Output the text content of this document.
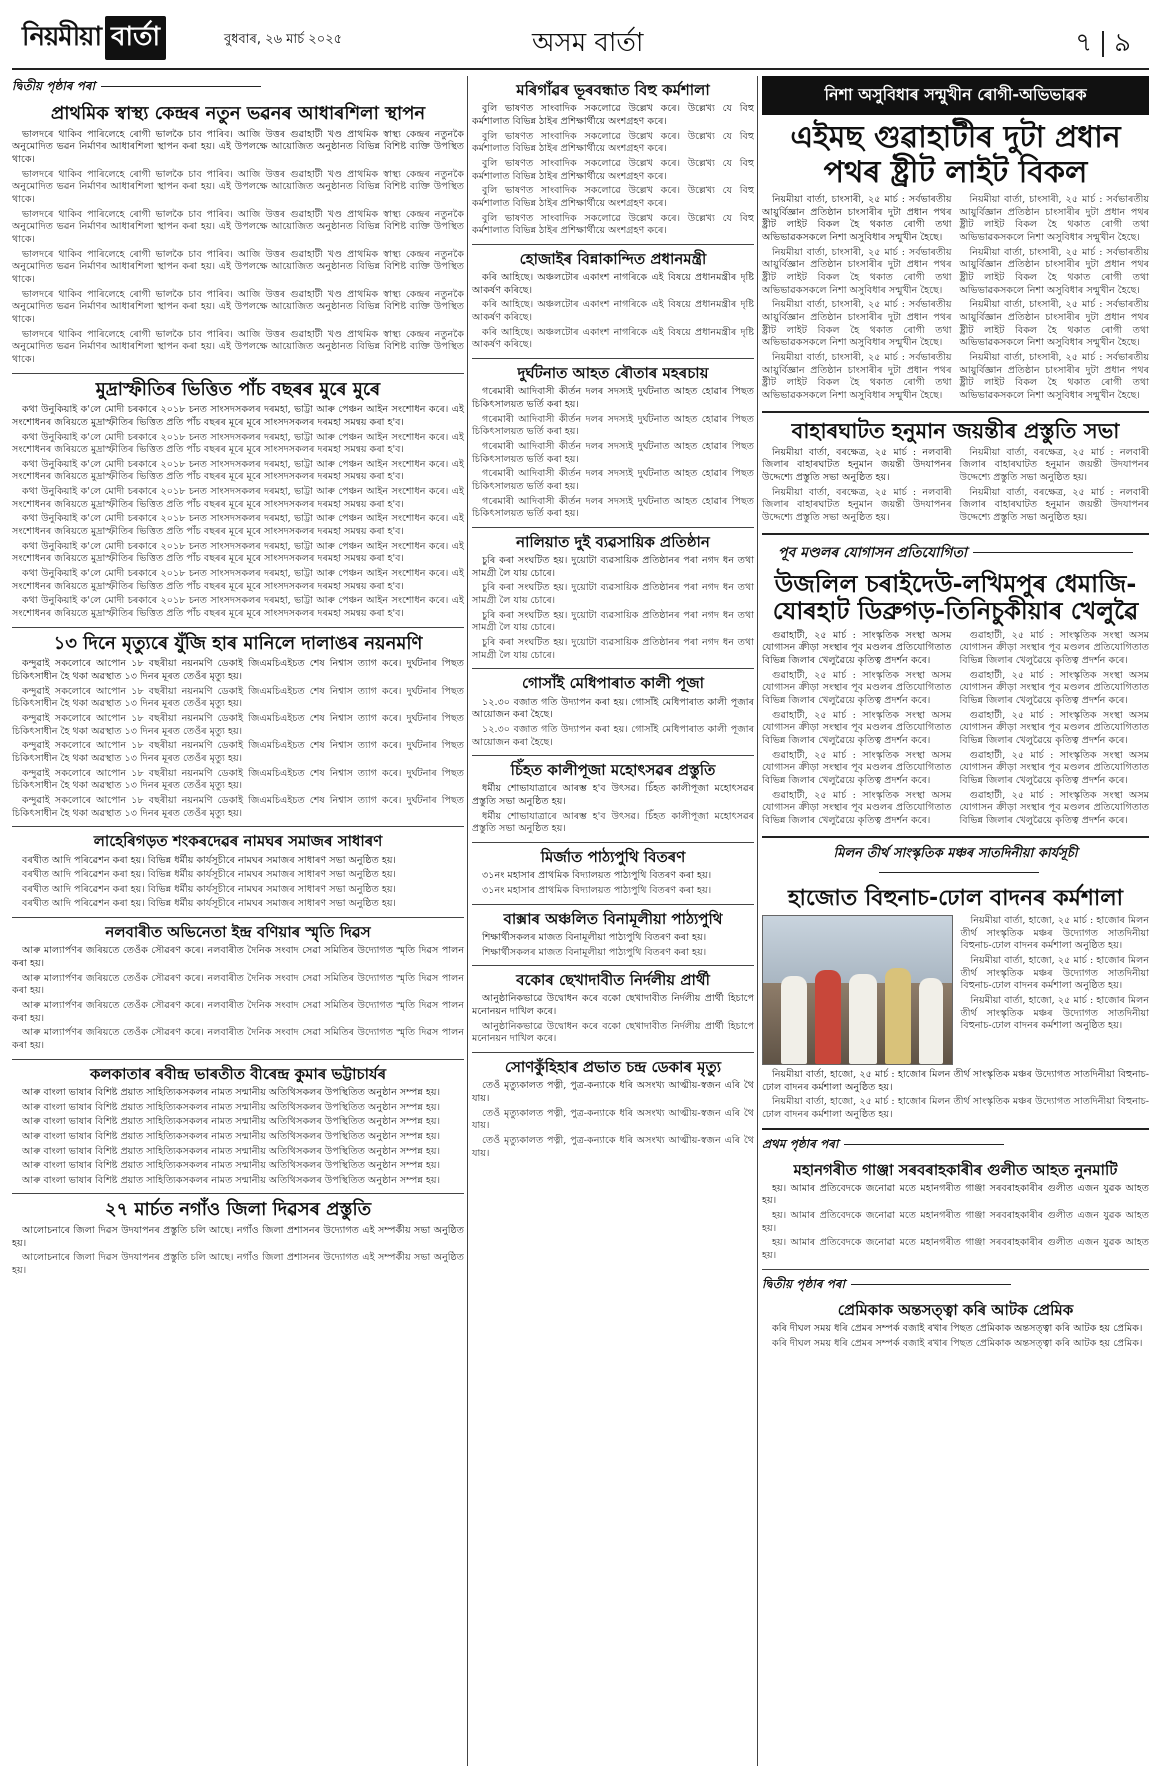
নিয়মীয়া বার্তা	বুধবাৰ, ২৬ মাৰ্চ ২০২৫	অসম বাৰ্তা	৭ ৯
দ্বিতীয় পৃষ্ঠাৰ পৰা
প্ৰাথমিক স্বাস্থ্য কেন্দ্ৰৰ নতুন ভৱনৰ আধাৰশিলা স্থাপন

ভালদৰে থাকিব পাৰিলেহে ৰোগী ভালকৈ চাব পাৰিব। আজি উত্তৰ গুৱাহাটী খণ্ড প্ৰাথমিক স্বাস্থ্য কেন্দ্ৰৰ নতুনকৈ অনুমোদিত ভৱন নিৰ্মাণৰ আধাৰশিলা স্থাপন কৰা হয়। এই উপলক্ষে আয়োজিত অনুষ্ঠানত বিভিন্ন বিশিষ্ট ব্যক্তি উপস্থিত থাকে।

ভালদৰে থাকিব পাৰিলেহে ৰোগী ভালকৈ চাব পাৰিব। আজি উত্তৰ গুৱাহাটী খণ্ড প্ৰাথমিক স্বাস্থ্য কেন্দ্ৰৰ নতুনকৈ অনুমোদিত ভৱন নিৰ্মাণৰ আধাৰশিলা স্থাপন কৰা হয়। এই উপলক্ষে আয়োজিত অনুষ্ঠানত বিভিন্ন বিশিষ্ট ব্যক্তি উপস্থিত থাকে।

ভালদৰে থাকিব পাৰিলেহে ৰোগী ভালকৈ চাব পাৰিব। আজি উত্তৰ গুৱাহাটী খণ্ড প্ৰাথমিক স্বাস্থ্য কেন্দ্ৰৰ নতুনকৈ অনুমোদিত ভৱন নিৰ্মাণৰ আধাৰশিলা স্থাপন কৰা হয়। এই উপলক্ষে আয়োজিত অনুষ্ঠানত বিভিন্ন বিশিষ্ট ব্যক্তি উপস্থিত থাকে।

ভালদৰে থাকিব পাৰিলেহে ৰোগী ভালকৈ চাব পাৰিব। আজি উত্তৰ গুৱাহাটী খণ্ড প্ৰাথমিক স্বাস্থ্য কেন্দ্ৰৰ নতুনকৈ অনুমোদিত ভৱন নিৰ্মাণৰ আধাৰশিলা স্থাপন কৰা হয়। এই উপলক্ষে আয়োজিত অনুষ্ঠানত বিভিন্ন বিশিষ্ট ব্যক্তি উপস্থিত থাকে।

ভালদৰে থাকিব পাৰিলেহে ৰোগী ভালকৈ চাব পাৰিব। আজি উত্তৰ গুৱাহাটী খণ্ড প্ৰাথমিক স্বাস্থ্য কেন্দ্ৰৰ নতুনকৈ অনুমোদিত ভৱন নিৰ্মাণৰ আধাৰশিলা স্থাপন কৰা হয়। এই উপলক্ষে আয়োজিত অনুষ্ঠানত বিভিন্ন বিশিষ্ট ব্যক্তি উপস্থিত থাকে।

ভালদৰে থাকিব পাৰিলেহে ৰোগী ভালকৈ চাব পাৰিব। আজি উত্তৰ গুৱাহাটী খণ্ড প্ৰাথমিক স্বাস্থ্য কেন্দ্ৰৰ নতুনকৈ অনুমোদিত ভৱন নিৰ্মাণৰ আধাৰশিলা স্থাপন কৰা হয়। এই উপলক্ষে আয়োজিত অনুষ্ঠানত বিভিন্ন বিশিষ্ট ব্যক্তি উপস্থিত থাকে।

মুদ্ৰাস্ফীতিৰ ভিত্তিত পাঁচ বছৰৰ মুৰে মুৰে

কথা উনুকিয়াই ক'লে মোদী চৰকাৰে ২০১৮ চনত সাংসদসকলৰ দৰমহা, ভাট্টা আৰু পেঞ্চন আইন সংশোধন কৰে। এই সংশোধনৰ জৰিয়তে মুদ্ৰাস্ফীতিৰ ভিত্তিত প্ৰতি পাঁচ বছৰৰ মূৰে মূৰে সাংসদসকলৰ দৰমহা সমন্বয় কৰা হ'ব।

কথা উনুকিয়াই ক'লে মোদী চৰকাৰে ২০১৮ চনত সাংসদসকলৰ দৰমহা, ভাট্টা আৰু পেঞ্চন আইন সংশোধন কৰে। এই সংশোধনৰ জৰিয়তে মুদ্ৰাস্ফীতিৰ ভিত্তিত প্ৰতি পাঁচ বছৰৰ মূৰে মূৰে সাংসদসকলৰ দৰমহা সমন্বয় কৰা হ'ব।

কথা উনুকিয়াই ক'লে মোদী চৰকাৰে ২০১৮ চনত সাংসদসকলৰ দৰমহা, ভাট্টা আৰু পেঞ্চন আইন সংশোধন কৰে। এই সংশোধনৰ জৰিয়তে মুদ্ৰাস্ফীতিৰ ভিত্তিত প্ৰতি পাঁচ বছৰৰ মূৰে মূৰে সাংসদসকলৰ দৰমহা সমন্বয় কৰা হ'ব।

কথা উনুকিয়াই ক'লে মোদী চৰকাৰে ২০১৮ চনত সাংসদসকলৰ দৰমহা, ভাট্টা আৰু পেঞ্চন আইন সংশোধন কৰে। এই সংশোধনৰ জৰিয়তে মুদ্ৰাস্ফীতিৰ ভিত্তিত প্ৰতি পাঁচ বছৰৰ মূৰে মূৰে সাংসদসকলৰ দৰমহা সমন্বয় কৰা হ'ব।

কথা উনুকিয়াই ক'লে মোদী চৰকাৰে ২০১৮ চনত সাংসদসকলৰ দৰমহা, ভাট্টা আৰু পেঞ্চন আইন সংশোধন কৰে। এই সংশোধনৰ জৰিয়তে মুদ্ৰাস্ফীতিৰ ভিত্তিত প্ৰতি পাঁচ বছৰৰ মূৰে মূৰে সাংসদসকলৰ দৰমহা সমন্বয় কৰা হ'ব।

কথা উনুকিয়াই ক'লে মোদী চৰকাৰে ২০১৮ চনত সাংসদসকলৰ দৰমহা, ভাট্টা আৰু পেঞ্চন আইন সংশোধন কৰে। এই সংশোধনৰ জৰিয়তে মুদ্ৰাস্ফীতিৰ ভিত্তিত প্ৰতি পাঁচ বছৰৰ মূৰে মূৰে সাংসদসকলৰ দৰমহা সমন্বয় কৰা হ'ব।

কথা উনুকিয়াই ক'লে মোদী চৰকাৰে ২০১৮ চনত সাংসদসকলৰ দৰমহা, ভাট্টা আৰু পেঞ্চন আইন সংশোধন কৰে। এই সংশোধনৰ জৰিয়তে মুদ্ৰাস্ফীতিৰ ভিত্তিত প্ৰতি পাঁচ বছৰৰ মূৰে মূৰে সাংসদসকলৰ দৰমহা সমন্বয় কৰা হ'ব।

কথা উনুকিয়াই ক'লে মোদী চৰকাৰে ২০১৮ চনত সাংসদসকলৰ দৰমহা, ভাট্টা আৰু পেঞ্চন আইন সংশোধন কৰে। এই সংশোধনৰ জৰিয়তে মুদ্ৰাস্ফীতিৰ ভিত্তিত প্ৰতি পাঁচ বছৰৰ মূৰে মূৰে সাংসদসকলৰ দৰমহা সমন্বয় কৰা হ'ব।

১৩ দিনে মৃত্যুৰে যুঁজি হাৰ মানিলে দালাঙৰ নয়নমণি

কন্দুৱাই সকলোৰে আপোন ১৮ বছৰীয়া নয়নমণি ডেকাই জিএমচিএইচত শেষ নিশ্বাস ত্যাগ কৰে। দুৰ্ঘটনাৰ পিছত চিকিৎসাধীন হৈ থকা অৱস্থাত ১৩ দিনৰ মূৰত তেওঁৰ মৃত্যু হয়।

কন্দুৱাই সকলোৰে আপোন ১৮ বছৰীয়া নয়নমণি ডেকাই জিএমচিএইচত শেষ নিশ্বাস ত্যাগ কৰে। দুৰ্ঘটনাৰ পিছত চিকিৎসাধীন হৈ থকা অৱস্থাত ১৩ দিনৰ মূৰত তেওঁৰ মৃত্যু হয়।

কন্দুৱাই সকলোৰে আপোন ১৮ বছৰীয়া নয়নমণি ডেকাই জিএমচিএইচত শেষ নিশ্বাস ত্যাগ কৰে। দুৰ্ঘটনাৰ পিছত চিকিৎসাধীন হৈ থকা অৱস্থাত ১৩ দিনৰ মূৰত তেওঁৰ মৃত্যু হয়।

কন্দুৱাই সকলোৰে আপোন ১৮ বছৰীয়া নয়নমণি ডেকাই জিএমচিএইচত শেষ নিশ্বাস ত্যাগ কৰে। দুৰ্ঘটনাৰ পিছত চিকিৎসাধীন হৈ থকা অৱস্থাত ১৩ দিনৰ মূৰত তেওঁৰ মৃত্যু হয়।

কন্দুৱাই সকলোৰে আপোন ১৮ বছৰীয়া নয়নমণি ডেকাই জিএমচিএইচত শেষ নিশ্বাস ত্যাগ কৰে। দুৰ্ঘটনাৰ পিছত চিকিৎসাধীন হৈ থকা অৱস্থাত ১৩ দিনৰ মূৰত তেওঁৰ মৃত্যু হয়।

কন্দুৱাই সকলোৰে আপোন ১৮ বছৰীয়া নয়নমণি ডেকাই জিএমচিএইচত শেষ নিশ্বাস ত্যাগ কৰে। দুৰ্ঘটনাৰ পিছত চিকিৎসাধীন হৈ থকা অৱস্থাত ১৩ দিনৰ মূৰত তেওঁৰ মৃত্যু হয়।

লাহেৰিগড়ত শংকৰদেৱৰ নামঘৰ সমাজৰ সাধাৰণ

বৰখীত আদি পৰিৱেশন কৰা হয়। বিভিন্ন ধৰ্মীয় কাৰ্যসূচীৰে নামঘৰ সমাজৰ সাধাৰণ সভা অনুষ্ঠিত হয়।

বৰখীত আদি পৰিৱেশন কৰা হয়। বিভিন্ন ধৰ্মীয় কাৰ্যসূচীৰে নামঘৰ সমাজৰ সাধাৰণ সভা অনুষ্ঠিত হয়।

বৰখীত আদি পৰিৱেশন কৰা হয়। বিভিন্ন ধৰ্মীয় কাৰ্যসূচীৰে নামঘৰ সমাজৰ সাধাৰণ সভা অনুষ্ঠিত হয়।

বৰখীত আদি পৰিৱেশন কৰা হয়। বিভিন্ন ধৰ্মীয় কাৰ্যসূচীৰে নামঘৰ সমাজৰ সাধাৰণ সভা অনুষ্ঠিত হয়।

নলবাৰীত অভিনেতা ইন্দ্ৰ বণিয়াৰ স্মৃতি দিৱস

আৰু মাল্যাৰ্পণৰ জৰিয়তে তেওঁক সৌৱৰণ কৰে। নলবাৰীত দৈনিক সংবাদ সেৱা সমিতিৰ উদ্যোগত স্মৃতি দিৱস পালন কৰা হয়।

আৰু মাল্যাৰ্পণৰ জৰিয়তে তেওঁক সৌৱৰণ কৰে। নলবাৰীত দৈনিক সংবাদ সেৱা সমিতিৰ উদ্যোগত স্মৃতি দিৱস পালন কৰা হয়।

আৰু মাল্যাৰ্পণৰ জৰিয়তে তেওঁক সৌৱৰণ কৰে। নলবাৰীত দৈনিক সংবাদ সেৱা সমিতিৰ উদ্যোগত স্মৃতি দিৱস পালন কৰা হয়।

আৰু মাল্যাৰ্পণৰ জৰিয়তে তেওঁক সৌৱৰণ কৰে। নলবাৰীত দৈনিক সংবাদ সেৱা সমিতিৰ উদ্যোগত স্মৃতি দিৱস পালন কৰা হয়।

কলকাতাৰ ৰবীন্দ্ৰ ভাৰতীত বীৰেন্দ্ৰ কুমাৰ ভট্টাচাৰ্যৰ

আৰু বাংলা ভাষাৰ বিশিষ্ট প্ৰয়াত সাহিত্যিকসকলৰ নামত সন্মানীয় অতিথিসকলৰ উপস্থিতিত অনুষ্ঠান সম্পন্ন হয়।

আৰু বাংলা ভাষাৰ বিশিষ্ট প্ৰয়াত সাহিত্যিকসকলৰ নামত সন্মানীয় অতিথিসকলৰ উপস্থিতিত অনুষ্ঠান সম্পন্ন হয়।

আৰু বাংলা ভাষাৰ বিশিষ্ট প্ৰয়াত সাহিত্যিকসকলৰ নামত সন্মানীয় অতিথিসকলৰ উপস্থিতিত অনুষ্ঠান সম্পন্ন হয়।

আৰু বাংলা ভাষাৰ বিশিষ্ট প্ৰয়াত সাহিত্যিকসকলৰ নামত সন্মানীয় অতিথিসকলৰ উপস্থিতিত অনুষ্ঠান সম্পন্ন হয়।

আৰু বাংলা ভাষাৰ বিশিষ্ট প্ৰয়াত সাহিত্যিকসকলৰ নামত সন্মানীয় অতিথিসকলৰ উপস্থিতিত অনুষ্ঠান সম্পন্ন হয়।

আৰু বাংলা ভাষাৰ বিশিষ্ট প্ৰয়াত সাহিত্যিকসকলৰ নামত সন্মানীয় অতিথিসকলৰ উপস্থিতিত অনুষ্ঠান সম্পন্ন হয়।

আৰু বাংলা ভাষাৰ বিশিষ্ট প্ৰয়াত সাহিত্যিকসকলৰ নামত সন্মানীয় অতিথিসকলৰ উপস্থিতিত অনুষ্ঠান সম্পন্ন হয়।

২৭ মাৰ্চত নগাঁও জিলা দিৱসৰ প্ৰস্তুতি

আলোচনাৰে জিলা দিৱস উদযাপনৰ প্ৰস্তুতি চলি আছে। নগাঁও জিলা প্ৰশাসনৰ উদ্যোগত এই সম্পৰ্কীয় সভা অনুষ্ঠিত হয়।

আলোচনাৰে জিলা দিৱস উদযাপনৰ প্ৰস্তুতি চলি আছে। নগাঁও জিলা প্ৰশাসনৰ উদ্যোগত এই সম্পৰ্কীয় সভা অনুষ্ঠিত হয়।

মৰিগাঁৱৰ ভূৰবন্ধাত বিহু কৰ্মশালা

বুলি ভাষণত সাংবাদিক সকলোৱে উল্লেখ কৰে। উল্লেখ্য যে বিহু কৰ্মশালাত বিভিন্ন ঠাইৰ প্ৰশিক্ষাৰ্থীয়ে অংশগ্ৰহণ কৰে।

বুলি ভাষণত সাংবাদিক সকলোৱে উল্লেখ কৰে। উল্লেখ্য যে বিহু কৰ্মশালাত বিভিন্ন ঠাইৰ প্ৰশিক্ষাৰ্থীয়ে অংশগ্ৰহণ কৰে।

বুলি ভাষণত সাংবাদিক সকলোৱে উল্লেখ কৰে। উল্লেখ্য যে বিহু কৰ্মশালাত বিভিন্ন ঠাইৰ প্ৰশিক্ষাৰ্থীয়ে অংশগ্ৰহণ কৰে।

বুলি ভাষণত সাংবাদিক সকলোৱে উল্লেখ কৰে। উল্লেখ্য যে বিহু কৰ্মশালাত বিভিন্ন ঠাইৰ প্ৰশিক্ষাৰ্থীয়ে অংশগ্ৰহণ কৰে।

বুলি ভাষণত সাংবাদিক সকলোৱে উল্লেখ কৰে। উল্লেখ্য যে বিহু কৰ্মশালাত বিভিন্ন ঠাইৰ প্ৰশিক্ষাৰ্থীয়ে অংশগ্ৰহণ কৰে।

হোজাইৰ বিন্নাকান্দিত প্ৰধানমন্ত্ৰী

কৰি আহিছে। অঞ্চলটোৰ একাংশ নাগৰিকে এই বিষয়ে প্ৰধানমন্ত্ৰীৰ দৃষ্টি আকৰ্ষণ কৰিছে।

কৰি আহিছে। অঞ্চলটোৰ একাংশ নাগৰিকে এই বিষয়ে প্ৰধানমন্ত্ৰীৰ দৃষ্টি আকৰ্ষণ কৰিছে।

কৰি আহিছে। অঞ্চলটোৰ একাংশ নাগৰিকে এই বিষয়ে প্ৰধানমন্ত্ৰীৰ দৃষ্টি আকৰ্ষণ কৰিছে।

দুৰ্ঘটনাত আহত ৰৌতাৰ মহৰচায়

গৰেমাৰী আদিবাসী কীৰ্তন দলৰ সদস্যই দুৰ্ঘটনাত আহত হোৱাৰ পিছত চিকিৎসালয়ত ভৰ্তি কৰা হয়।

গৰেমাৰী আদিবাসী কীৰ্তন দলৰ সদস্যই দুৰ্ঘটনাত আহত হোৱাৰ পিছত চিকিৎসালয়ত ভৰ্তি কৰা হয়।

গৰেমাৰী আদিবাসী কীৰ্তন দলৰ সদস্যই দুৰ্ঘটনাত আহত হোৱাৰ পিছত চিকিৎসালয়ত ভৰ্তি কৰা হয়।

গৰেমাৰী আদিবাসী কীৰ্তন দলৰ সদস্যই দুৰ্ঘটনাত আহত হোৱাৰ পিছত চিকিৎসালয়ত ভৰ্তি কৰা হয়।

গৰেমাৰী আদিবাসী কীৰ্তন দলৰ সদস্যই দুৰ্ঘটনাত আহত হোৱাৰ পিছত চিকিৎসালয়ত ভৰ্তি কৰা হয়।

নালিয়াত দুই ব্যৱসায়িক প্ৰতিষ্ঠান

চুৰি কৰা সংঘটিত হয়। দুয়োটা ব্যৱসায়িক প্ৰতিষ্ঠানৰ পৰা নগদ ধন তথা সামগ্ৰী লৈ যায় চোৰে।

চুৰি কৰা সংঘটিত হয়। দুয়োটা ব্যৱসায়িক প্ৰতিষ্ঠানৰ পৰা নগদ ধন তথা সামগ্ৰী লৈ যায় চোৰে।

চুৰি কৰা সংঘটিত হয়। দুয়োটা ব্যৱসায়িক প্ৰতিষ্ঠানৰ পৰা নগদ ধন তথা সামগ্ৰী লৈ যায় চোৰে।

চুৰি কৰা সংঘটিত হয়। দুয়োটা ব্যৱসায়িক প্ৰতিষ্ঠানৰ পৰা নগদ ধন তথা সামগ্ৰী লৈ যায় চোৰে।

গোসাঁই মেধিপাৰাত কালী পূজা

১২.৩০ বজাত গতি উদ্যাপন কৰা হয়। গোসাঁই মেধিপাৰাত কালী পূজাৰ আয়োজন কৰা হৈছে।

১২.৩০ বজাত গতি উদ্যাপন কৰা হয়। গোসাঁই মেধিপাৰাত কালী পূজাৰ আয়োজন কৰা হৈছে।

চিঁহত কালীপূজা মহোৎসৱৰ প্ৰস্তুতি

ধৰ্মীয় শোভাযাত্ৰাৰে আৰম্ভ হ'ব উৎসৱ। চিঁহত কালীপূজা মহোৎসৱৰ প্ৰস্তুতি সভা অনুষ্ঠিত হয়।

ধৰ্মীয় শোভাযাত্ৰাৰে আৰম্ভ হ'ব উৎসৱ। চিঁহত কালীপূজা মহোৎসৱৰ প্ৰস্তুতি সভা অনুষ্ঠিত হয়।

মিৰ্জাত পাঠ্যপুথি বিতৰণ

৩১নং মহাসাৰ প্ৰাথমিক বিদ্যালয়ত পাঠ্যপুথি বিতৰণ কৰা হয়।

৩১নং মহাসাৰ প্ৰাথমিক বিদ্যালয়ত পাঠ্যপুথি বিতৰণ কৰা হয়।

বাক্সাৰ অঞ্চলিত বিনামূলীয়া পাঠ্যপুথি

শিক্ষাৰ্থীসকলৰ মাজত বিনামূলীয়া পাঠ্যপুথি বিতৰণ কৰা হয়।

শিক্ষাৰ্থীসকলৰ মাজত বিনামূলীয়া পাঠ্যপুথি বিতৰণ কৰা হয়।

বকোৰ ছেখাদাবীত নিৰ্দলীয় প্ৰাৰ্থী

আনুষ্ঠানিকভাৱে উদ্বোধন কৰে বকো ছেখাদাবীত নিৰ্দলীয় প্ৰাৰ্থী হিচাপে মনোনয়ন দাখিল কৰে।

আনুষ্ঠানিকভাৱে উদ্বোধন কৰে বকো ছেখাদাবীত নিৰ্দলীয় প্ৰাৰ্থী হিচাপে মনোনয়ন দাখিল কৰে।

সোণকুঁহিহাৰ প্ৰভাত চন্দ্ৰ ডেকাৰ মৃত্যু

তেওঁ মৃত্যুকালত পত্নী, পুত্ৰ-কন্যাকে ধৰি অসংখ্য আত্মীয়-স্বজন এৰি থৈ যায়।

তেওঁ মৃত্যুকালত পত্নী, পুত্ৰ-কন্যাকে ধৰি অসংখ্য আত্মীয়-স্বজন এৰি থৈ যায়।

তেওঁ মৃত্যুকালত পত্নী, পুত্ৰ-কন্যাকে ধৰি অসংখ্য আত্মীয়-স্বজন এৰি থৈ যায়।

নিশা অসুবিধাৰ সন্মুখীন ৰোগী-অভিভাৱক
এইমছ গুৱাহাটীৰ দুটা প্ৰধান পথৰ ষ্ট্ৰীট লাইট বিকল

নিয়মীয়া বাৰ্তা, চাংসাৰী, ২৫ মাৰ্চ : সৰ্বভাৰতীয় আয়ুৰ্বিজ্ঞান প্ৰতিষ্ঠান চাংসাৰীৰ দুটা প্ৰধান পথৰ ষ্ট্ৰীট লাইট বিকল হৈ থকাত ৰোগী তথা অভিভাৱকসকলে নিশা অসুবিধাৰ সন্মুখীন হৈছে।

নিয়মীয়া বাৰ্তা, চাংসাৰী, ২৫ মাৰ্চ : সৰ্বভাৰতীয় আয়ুৰ্বিজ্ঞান প্ৰতিষ্ঠান চাংসাৰীৰ দুটা প্ৰধান পথৰ ষ্ট্ৰীট লাইট বিকল হৈ থকাত ৰোগী তথা অভিভাৱকসকলে নিশা অসুবিধাৰ সন্মুখীন হৈছে।

নিয়মীয়া বাৰ্তা, চাংসাৰী, ২৫ মাৰ্চ : সৰ্বভাৰতীয় আয়ুৰ্বিজ্ঞান প্ৰতিষ্ঠান চাংসাৰীৰ দুটা প্ৰধান পথৰ ষ্ট্ৰীট লাইট বিকল হৈ থকাত ৰোগী তথা অভিভাৱকসকলে নিশা অসুবিধাৰ সন্মুখীন হৈছে।

নিয়মীয়া বাৰ্তা, চাংসাৰী, ২৫ মাৰ্চ : সৰ্বভাৰতীয় আয়ুৰ্বিজ্ঞান প্ৰতিষ্ঠান চাংসাৰীৰ দুটা প্ৰধান পথৰ ষ্ট্ৰীট লাইট বিকল হৈ থকাত ৰোগী তথা অভিভাৱকসকলে নিশা অসুবিধাৰ সন্মুখীন হৈছে।

নিয়মীয়া বাৰ্তা, চাংসাৰী, ২৫ মাৰ্চ : সৰ্বভাৰতীয় আয়ুৰ্বিজ্ঞান প্ৰতিষ্ঠান চাংসাৰীৰ দুটা প্ৰধান পথৰ ষ্ট্ৰীট লাইট বিকল হৈ থকাত ৰোগী তথা অভিভাৱকসকলে নিশা অসুবিধাৰ সন্মুখীন হৈছে।

নিয়মীয়া বাৰ্তা, চাংসাৰী, ২৫ মাৰ্চ : সৰ্বভাৰতীয় আয়ুৰ্বিজ্ঞান প্ৰতিষ্ঠান চাংসাৰীৰ দুটা প্ৰধান পথৰ ষ্ট্ৰীট লাইট বিকল হৈ থকাত ৰোগী তথা অভিভাৱকসকলে নিশা অসুবিধাৰ সন্মুখীন হৈছে।

নিয়মীয়া বাৰ্তা, চাংসাৰী, ২৫ মাৰ্চ : সৰ্বভাৰতীয় আয়ুৰ্বিজ্ঞান প্ৰতিষ্ঠান চাংসাৰীৰ দুটা প্ৰধান পথৰ ষ্ট্ৰীট লাইট বিকল হৈ থকাত ৰোগী তথা অভিভাৱকসকলে নিশা অসুবিধাৰ সন্মুখীন হৈছে।

নিয়মীয়া বাৰ্তা, চাংসাৰী, ২৫ মাৰ্চ : সৰ্বভাৰতীয় আয়ুৰ্বিজ্ঞান প্ৰতিষ্ঠান চাংসাৰীৰ দুটা প্ৰধান পথৰ ষ্ট্ৰীট লাইট বিকল হৈ থকাত ৰোগী তথা অভিভাৱকসকলে নিশা অসুবিধাৰ সন্মুখীন হৈছে।

বাহাৰঘাটত হনুমান জয়ন্তীৰ প্ৰস্তুতি সভা

নিয়মীয়া বাৰ্তা, বৰক্ষেত্ৰ, ২৫ মাৰ্চ : নলবাৰী জিলাৰ বাহাৰঘাটত হনুমান জয়ন্তী উদযাপনৰ উদ্দেশ্যে প্ৰস্তুতি সভা অনুষ্ঠিত হয়।

নিয়মীয়া বাৰ্তা, বৰক্ষেত্ৰ, ২৫ মাৰ্চ : নলবাৰী জিলাৰ বাহাৰঘাটত হনুমান জয়ন্তী উদযাপনৰ উদ্দেশ্যে প্ৰস্তুতি সভা অনুষ্ঠিত হয়।

নিয়মীয়া বাৰ্তা, বৰক্ষেত্ৰ, ২৫ মাৰ্চ : নলবাৰী জিলাৰ বাহাৰঘাটত হনুমান জয়ন্তী উদযাপনৰ উদ্দেশ্যে প্ৰস্তুতি সভা অনুষ্ঠিত হয়।

নিয়মীয়া বাৰ্তা, বৰক্ষেত্ৰ, ২৫ মাৰ্চ : নলবাৰী জিলাৰ বাহাৰঘাটত হনুমান জয়ন্তী উদযাপনৰ উদ্দেশ্যে প্ৰস্তুতি সভা অনুষ্ঠিত হয়।

পূব মণ্ডলৰ যোগাসন প্ৰতিযোগিতা
উজলিল চৰাইদেউ-লখিমপুৰ ধেমাজি-যোৰহাট ডিব্ৰুগড়-তিনিচুকীয়াৰ খেলুৱৈ

গুৱাহাটী, ২৫ মাৰ্চ : সাংস্কৃতিক সংস্থা অসম যোগাসন ক্ৰীড়া সংস্থাৰ পূব মণ্ডলৰ প্ৰতিযোগিতাত বিভিন্ন জিলাৰ খেলুৱৈয়ে কৃতিত্ব প্ৰদৰ্শন কৰে।

গুৱাহাটী, ২৫ মাৰ্চ : সাংস্কৃতিক সংস্থা অসম যোগাসন ক্ৰীড়া সংস্থাৰ পূব মণ্ডলৰ প্ৰতিযোগিতাত বিভিন্ন জিলাৰ খেলুৱৈয়ে কৃতিত্ব প্ৰদৰ্শন কৰে।

গুৱাহাটী, ২৫ মাৰ্চ : সাংস্কৃতিক সংস্থা অসম যোগাসন ক্ৰীড়া সংস্থাৰ পূব মণ্ডলৰ প্ৰতিযোগিতাত বিভিন্ন জিলাৰ খেলুৱৈয়ে কৃতিত্ব প্ৰদৰ্শন কৰে।

গুৱাহাটী, ২৫ মাৰ্চ : সাংস্কৃতিক সংস্থা অসম যোগাসন ক্ৰীড়া সংস্থাৰ পূব মণ্ডলৰ প্ৰতিযোগিতাত বিভিন্ন জিলাৰ খেলুৱৈয়ে কৃতিত্ব প্ৰদৰ্শন কৰে।

গুৱাহাটী, ২৫ মাৰ্চ : সাংস্কৃতিক সংস্থা অসম যোগাসন ক্ৰীড়া সংস্থাৰ পূব মণ্ডলৰ প্ৰতিযোগিতাত বিভিন্ন জিলাৰ খেলুৱৈয়ে কৃতিত্ব প্ৰদৰ্শন কৰে।

গুৱাহাটী, ২৫ মাৰ্চ : সাংস্কৃতিক সংস্থা অসম যোগাসন ক্ৰীড়া সংস্থাৰ পূব মণ্ডলৰ প্ৰতিযোগিতাত বিভিন্ন জিলাৰ খেলুৱৈয়ে কৃতিত্ব প্ৰদৰ্শন কৰে।

গুৱাহাটী, ২৫ মাৰ্চ : সাংস্কৃতিক সংস্থা অসম যোগাসন ক্ৰীড়া সংস্থাৰ পূব মণ্ডলৰ প্ৰতিযোগিতাত বিভিন্ন জিলাৰ খেলুৱৈয়ে কৃতিত্ব প্ৰদৰ্শন কৰে।

গুৱাহাটী, ২৫ মাৰ্চ : সাংস্কৃতিক সংস্থা অসম যোগাসন ক্ৰীড়া সংস্থাৰ পূব মণ্ডলৰ প্ৰতিযোগিতাত বিভিন্ন জিলাৰ খেলুৱৈয়ে কৃতিত্ব প্ৰদৰ্শন কৰে।

গুৱাহাটী, ২৫ মাৰ্চ : সাংস্কৃতিক সংস্থা অসম যোগাসন ক্ৰীড়া সংস্থাৰ পূব মণ্ডলৰ প্ৰতিযোগিতাত বিভিন্ন জিলাৰ খেলুৱৈয়ে কৃতিত্ব প্ৰদৰ্শন কৰে।

গুৱাহাটী, ২৫ মাৰ্চ : সাংস্কৃতিক সংস্থা অসম যোগাসন ক্ৰীড়া সংস্থাৰ পূব মণ্ডলৰ প্ৰতিযোগিতাত বিভিন্ন জিলাৰ খেলুৱৈয়ে কৃতিত্ব প্ৰদৰ্শন কৰে।

মিলন তীৰ্থ সাংস্কৃতিক মঞ্চৰ সাতদিনীয়া কাৰ্যসূচী
হাজোত বিহুনাচ-ঢোল বাদনৰ কৰ্মশালা

নিয়মীয়া বাৰ্তা, হাজো, ২৫ মাৰ্চ : হাজোৰ মিলন তীৰ্থ সাংস্কৃতিক মঞ্চৰ উদ্যোগত সাতদিনীয়া বিহুনাচ-ঢোল বাদনৰ কৰ্মশালা অনুষ্ঠিত হয়।

নিয়মীয়া বাৰ্তা, হাজো, ২৫ মাৰ্চ : হাজোৰ মিলন তীৰ্থ সাংস্কৃতিক মঞ্চৰ উদ্যোগত সাতদিনীয়া বিহুনাচ-ঢোল বাদনৰ কৰ্মশালা অনুষ্ঠিত হয়।

নিয়মীয়া বাৰ্তা, হাজো, ২৫ মাৰ্চ : হাজোৰ মিলন তীৰ্থ সাংস্কৃতিক মঞ্চৰ উদ্যোগত সাতদিনীয়া বিহুনাচ-ঢোল বাদনৰ কৰ্মশালা অনুষ্ঠিত হয়।

নিয়মীয়া বাৰ্তা, হাজো, ২৫ মাৰ্চ : হাজোৰ মিলন তীৰ্থ সাংস্কৃতিক মঞ্চৰ উদ্যোগত সাতদিনীয়া বিহুনাচ-ঢোল বাদনৰ কৰ্মশালা অনুষ্ঠিত হয়।

নিয়মীয়া বাৰ্তা, হাজো, ২৫ মাৰ্চ : হাজোৰ মিলন তীৰ্থ সাংস্কৃতিক মঞ্চৰ উদ্যোগত সাতদিনীয়া বিহুনাচ-ঢোল বাদনৰ কৰ্মশালা অনুষ্ঠিত হয়।

প্ৰথম পৃষ্ঠাৰ পৰা
মহানগৰীত গাঞ্জা সৰবৰাহকাৰীৰ গুলীত আহত নুনমাটি

হয়। আমাৰ প্ৰতিবেদকে জনোৱা মতে মহানগৰীত গাঞ্জা সৰবৰাহকাৰীৰ গুলীত এজন যুৱক আহত হয়।

হয়। আমাৰ প্ৰতিবেদকে জনোৱা মতে মহানগৰীত গাঞ্জা সৰবৰাহকাৰীৰ গুলীত এজন যুৱক আহত হয়।

হয়। আমাৰ প্ৰতিবেদকে জনোৱা মতে মহানগৰীত গাঞ্জা সৰবৰাহকাৰীৰ গুলীত এজন যুৱক আহত হয়।

দ্বিতীয় পৃষ্ঠাৰ পৰা
প্ৰেমিকাক অন্তসত্ত্বা কৰি আটক প্ৰেমিক

কৰি দীঘল সময় ধৰি প্ৰেমৰ সম্পৰ্ক বজাই ৰখাৰ পিছত প্ৰেমিকাক অন্তসত্ত্বা কৰি আটক হয় প্ৰেমিক।

কৰি দীঘল সময় ধৰি প্ৰেমৰ সম্পৰ্ক বজাই ৰখাৰ পিছত প্ৰেমিকাক অন্তসত্ত্বা কৰি আটক হয় প্ৰেমিক।
